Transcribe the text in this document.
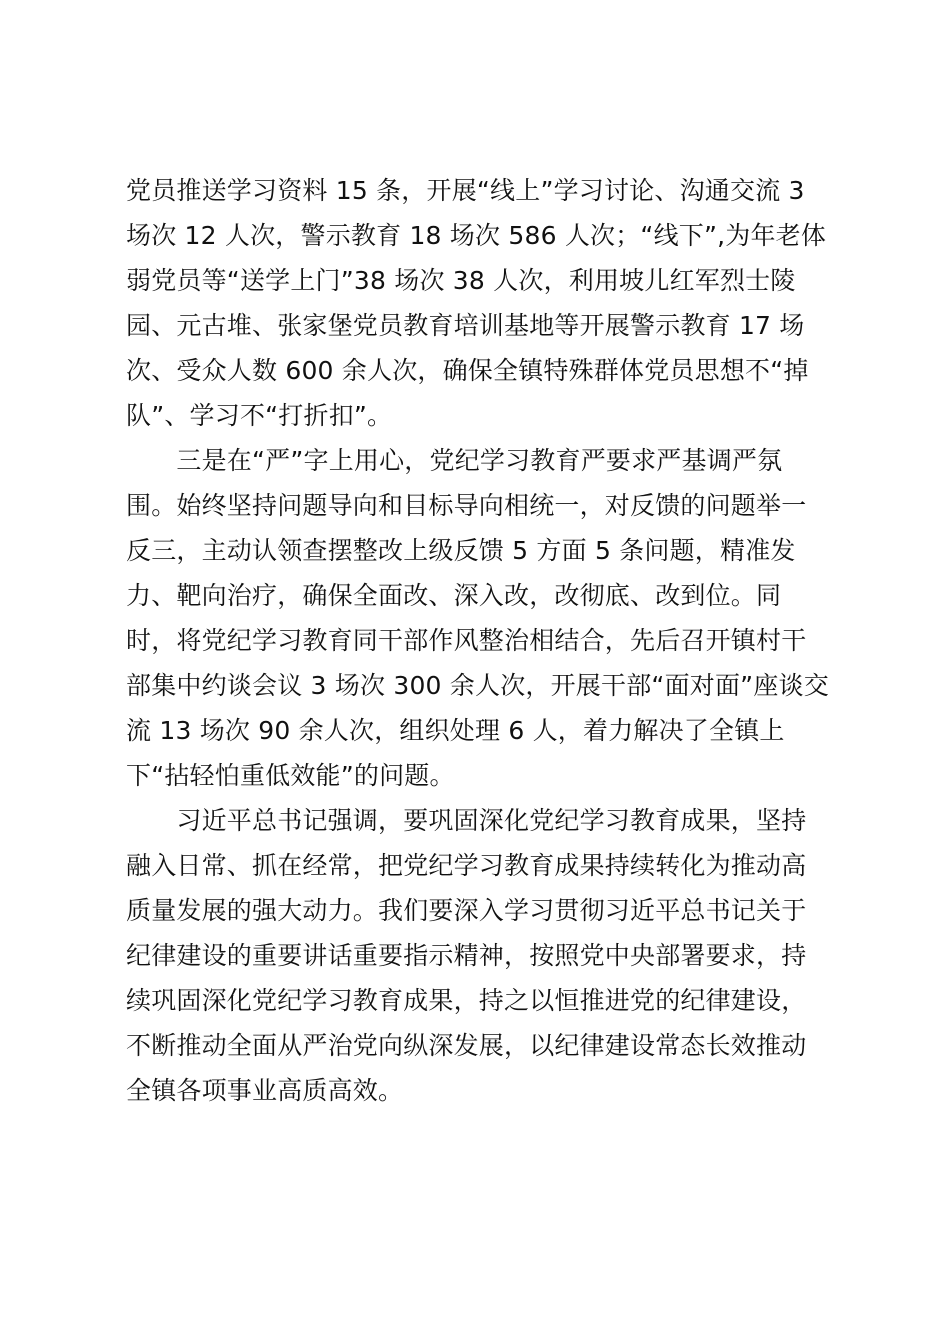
党员推送学习资料 15 条，开展“线上”学习讨论、沟通交流 3
场次 12 人次，警示教育 18 场次 586 人次；“线下”,为年老体
弱党员等“送学上门”38 场次 38 人次，利用坡儿红军烈士陵
园、元古堆、张家堡党员教育培训基地等开展警示教育 17 场
次、受众人数 600 余人次，确保全镇特殊群体党员思想不“掉
队”、学习不“打折扣”。
　　三是在“严”字上用心，党纪学习教育严要求严基调严氛
围。始终坚持问题导向和目标导向相统一，对反馈的问题举一
反三，主动认领查摆整改上级反馈 5 方面 5 条问题，精准发
力、靶向治疗，确保全面改、深入改，改彻底、改到位。同
时，将党纪学习教育同干部作风整治相结合，先后召开镇村干
部集中约谈会议 3 场次 300 余人次，开展干部“面对面”座谈交
流 13 场次 90 余人次，组织处理 6 人，着力解决了全镇上
下“拈轻怕重低效能”的问题。
　　习近平总书记强调，要巩固深化党纪学习教育成果，坚持
融入日常、抓在经常，把党纪学习教育成果持续转化为推动高
质量发展的强大动力。我们要深入学习贯彻习近平总书记关于
纪律建设的重要讲话重要指示精神，按照党中央部署要求，持
续巩固深化党纪学习教育成果，持之以恒推进党的纪律建设，
不断推动全面从严治党向纵深发展，以纪律建设常态长效推动
全镇各项事业高质高效。
